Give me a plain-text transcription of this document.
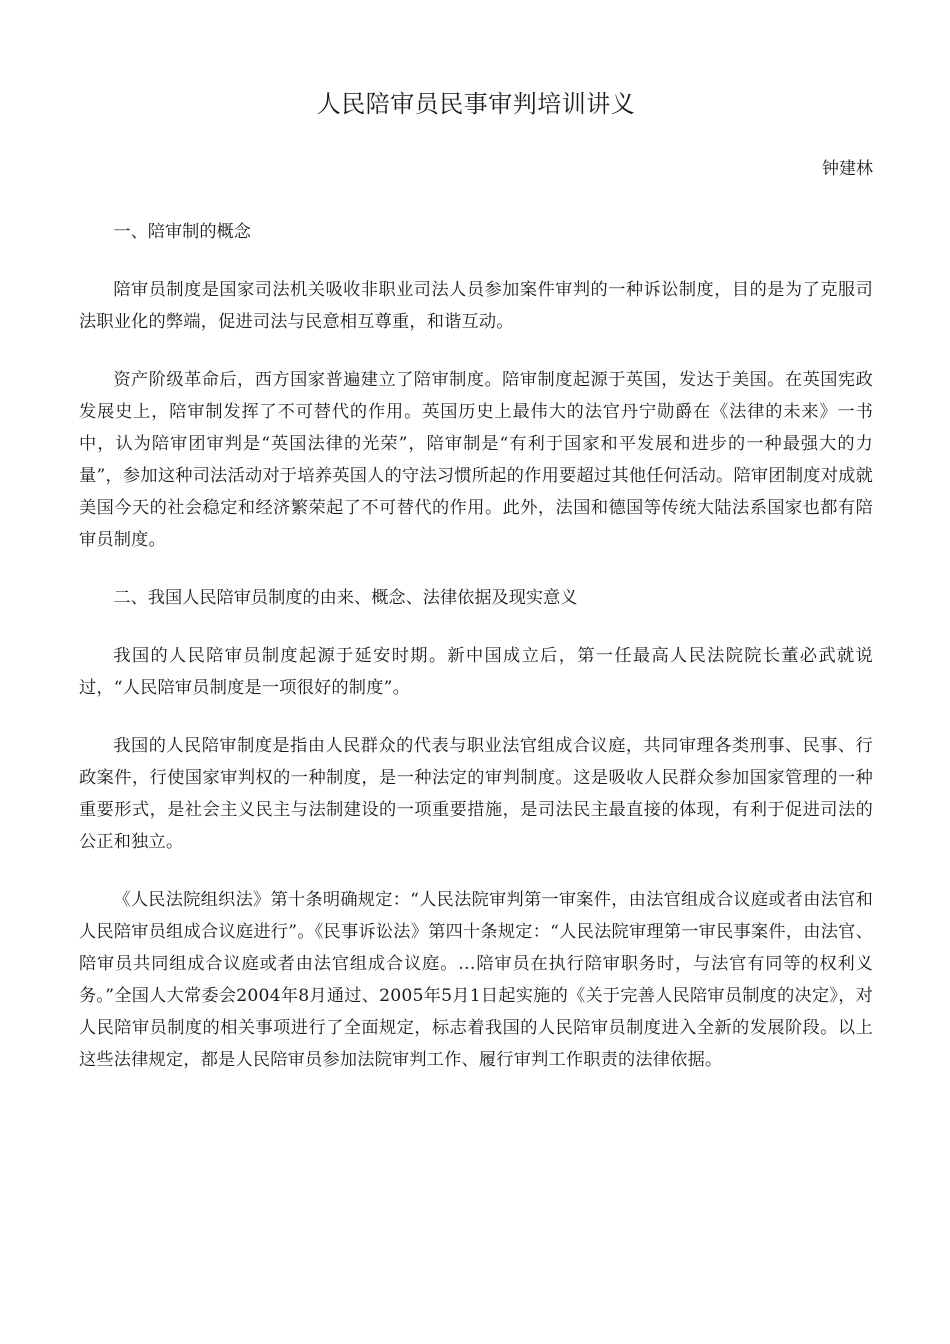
人民陪审员民事审判培训讲义
钟建林

一、陪审制的概念

陪审员制度是国家司法机关吸收非职业司法人员参加案件审判的一种诉讼制度，目的是为了克服司法职业化的弊端，促进司法与民意相互尊重，和谐互动。

资产阶级革命后，西方国家普遍建立了陪审制度。陪审制度起源于英国，发达于美国。在英国宪政发展史上，陪审制发挥了不可替代的作用。英国历史上最伟大的法官丹宁勋爵在《法律的未来》一书中，认为陪审团审判是“英国法律的光荣”，陪审制是“有利于国家和平发展和进步的一种最强大的力量”，参加这种司法活动对于培养英国人的守法习惯所起的作用要超过其他任何活动。陪审团制度对成就美国今天的社会稳定和经济繁荣起了不可替代的作用。此外，法国和德国等传统大陆法系国家也都有陪审员制度。

二、我国人民陪审员制度的由来、概念、法律依据及现实意义

我国的人民陪审员制度起源于延安时期。新中国成立后，第一任最高人民法院院长董必武就说过，“人民陪审员制度是一项很好的制度”。

我国的人民陪审制度是指由人民群众的代表与职业法官组成合议庭，共同审理各类刑事、民事、行政案件，行使国家审判权的一种制度，是一种法定的审判制度。这是吸收人民群众参加国家管理的一种重要形式，是社会主义民主与法制建设的一项重要措施，是司法民主最直接的体现，有利于促进司法的公正和独立。

《人民法院组织法》第十条明确规定：“人民法院审判第一审案件，由法官组成合议庭或者由法官和人民陪审员组成合议庭进行”。《民事诉讼法》第四十条规定：“人民法院审理第一审民事案件，由法官、陪审员共同组成合议庭或者由法官组成合议庭。…陪审员在执行陪审职务时，与法官有同等的权利义务。”全国人大常委会2004年8月通过、2005年5月1日起实施的《关于完善人民陪审员制度的决定》，对人民陪审员制度的相关事项进行了全面规定，标志着我国的人民陪审员制度进入全新的发展阶段。以上这些法律规定，都是人民陪审员参加法院审判工作、履行审判工作职责的法律依据。
